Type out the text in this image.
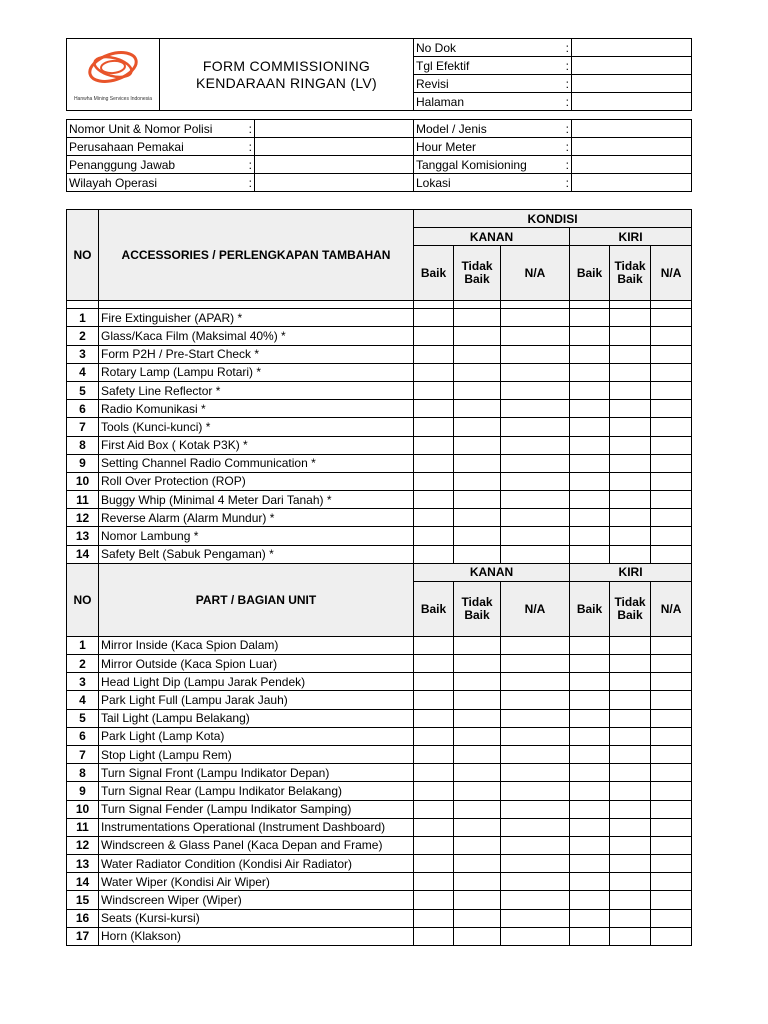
Hanwha Mining Services Indonesia	FORM COMMISSIONING
KENDARAAN RINGAN (LV)	No Dok	:	
		Tgl Efektif	:	
		Revisi	:	
		Halaman	:	
Nomor Unit & Nomor Polisi	:		Model / Jenis	:	
Perusahaan Pemakai	:		Hour Meter	:	
Penanggung Jawab	:		Tanggal Komisioning	:	
Wilayah Operasi	:		Lokasi	:	
NO	ACCESSORIES / PERLENGKAPAN TAMBAHAN	KONDISI					
		KANAN			KIRI		
		Baik	Tidak Baik	N/A	Baik	Tidak Baik	N/A

1	Fire Extinguisher (APAR) *						
2	Glass/Kaca Film (Maksimal 40%) *						
3	Form P2H / Pre-Start Check *						
4	Rotary Lamp (Lampu Rotari) *						
5	Safety Line Reflector *						
6	Radio Komunikasi *						
7	Tools (Kunci-kunci) *						
8	First Aid Box ( Kotak P3K) *						
9	Setting Channel Radio Communication *						
10	Roll Over Protection (ROP)						
11	Buggy Whip (Minimal 4 Meter Dari Tanah) *						
12	Reverse Alarm (Alarm Mundur) *						
13	Nomor Lambung *						
14	Safety Belt (Sabuk Pengaman) *						
NO	PART / BAGIAN UNIT	KANAN			KIRI		
		Baik	Tidak Baik	N/A	Baik	Tidak Baik	N/A
1	Mirror Inside (Kaca Spion Dalam)						
2	Mirror Outside (Kaca Spion Luar)						
3	Head Light Dip (Lampu Jarak Pendek)						
4	Park Light Full (Lampu Jarak Jauh)						
5	Tail Light (Lampu Belakang)						
6	Park Light (Lamp Kota)						
7	Stop Light (Lampu Rem)						
8	Turn Signal Front (Lampu Indikator Depan)						
9	Turn Signal Rear (Lampu Indikator Belakang)						
10	Turn Signal Fender (Lampu Indikator Samping)						
11	Instrumentations Operational (Instrument Dashboard)						
12	Windscreen & Glass Panel (Kaca Depan and Frame)						
13	Water Radiator Condition (Kondisi Air Radiator)						
14	Water Wiper (Kondisi Air Wiper)						
15	Windscreen Wiper (Wiper)						
16	Seats (Kursi-kursi)						
17	Horn (Klakson)						
